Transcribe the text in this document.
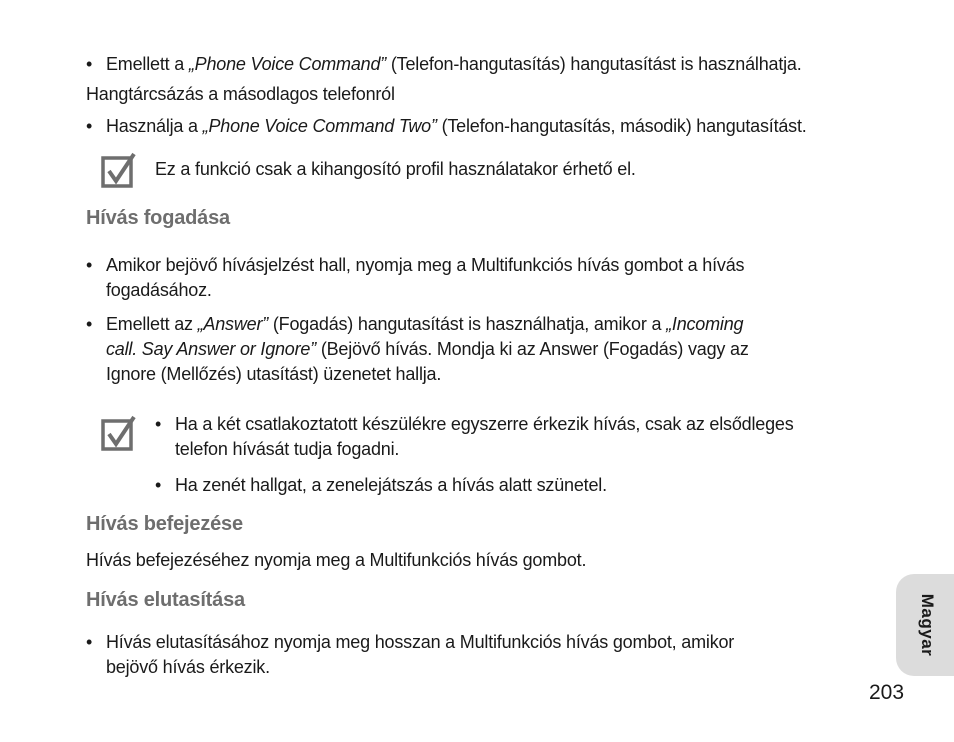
• Emellett a „Phone Voice Command” (Telefon-hangutasítás) hangutasítást is használhatja.
Hangtárcsázás a másodlagos telefonról
• Használja a „Phone Voice Command Two” (Telefon-hangutasítás, második) hangutasítást.
Ez a funkció csak a kihangosító profil használatakor érhető el.
Hívás fogadása
• Amikor bejövő hívásjelzést hall, nyomja meg a Multifunkciós hívás gombot a hívás
fogadásához.
• Emellett az „Answer” (Fogadás) hangutasítást is használhatja, amikor a „Incoming
call. Say Answer or Ignore” (Bejövő hívás. Mondja ki az Answer (Fogadás) vagy az
Ignore (Mellőzés) utasítást) üzenetet hallja.
• Ha a két csatlakoztatott készülékre egyszerre érkezik hívás, csak az elsődleges
telefon hívását tudja fogadni.
• Ha zenét hallgat, a zenelejátszás a hívás alatt szünetel.
Hívás befejezése
Hívás befejezéséhez nyomja meg a Multifunkciós hívás gombot.
Hívás elutasítása
• Hívás elutasításához nyomja meg hosszan a Multifunkciós hívás gombot, amikor
bejövő hívás érkezik.
Magyar
203
